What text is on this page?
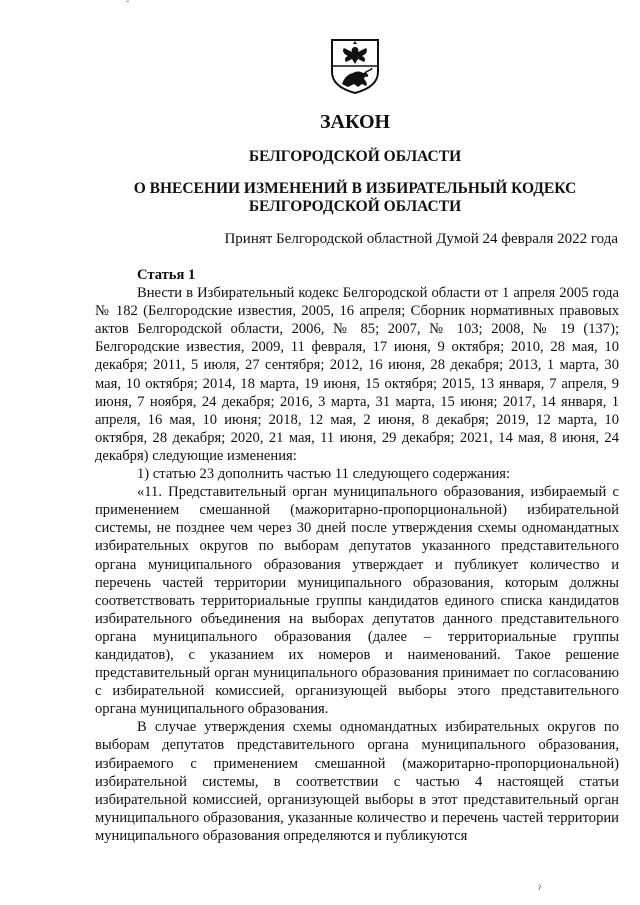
ˇ
ЗАКОН
БЕЛГОРОДСКОЙ ОБЛАСТИ
О ВНЕСЕНИИ ИЗМЕНЕНИЙ В ИЗБИРАТЕЛЬНЫЙ КОДЕКС
БЕЛГОРОДСКОЙ ОБЛАСТИ
Принят Белгородской областной Думой 24 февраля 2022 года

Статья 1

Внести в Избирательный кодекс Белгородской области от 1 апреля 2005 года № 182 (Белгородские известия, 2005, 16 апреля; Сборник нормативных правовых актов Белгородской области, 2006, № 85; 2007, № 103; 2008, № 19 (137); Белгородские известия, 2009, 11 февраля, 17 июня, 9 октября; 2010, 28 мая, 10 декабря; 2011, 5 июля, 27 сентября; 2012, 16 июня, 28 декабря; 2013, 1 марта, 30 мая, 10 октября; 2014, 18 марта, 19 июня, 15 октября; 2015, 13 января, 7 апреля, 9 июня, 7 ноября, 24 декабря; 2016, 3 марта, 31 марта, 15 июня; 2017, 14 января, 1 апреля, 16 мая, 10 июня; 2018, 12 мая, 2 июня, 8 декабря; 2019, 12 марта, 10 октября, 28 декабря; 2020, 21 мая, 11 июня, 29 декабря; 2021, 14 мая, 8 июня, 24 декабря) следующие изменения:

1) статью 23 дополнить частью 11 следующего содержания:

«11. Представительный орган муниципального образования, избираемый с применением смешанной (мажоритарно-пропорциональной) избирательной системы, не позднее чем через 30 дней после утверждения схемы одномандатных избирательных округов по выборам депутатов указанного представительного органа муниципального образования утверждает и публикует количество и перечень частей территории муниципального образования, которым должны соответствовать территориальные группы кандидатов единого списка кандидатов избирательного объединения на выборах депутатов данного представительного органа муниципального образования (далее – территориальные группы кандидатов), с указанием их номеров и наименований. Такое решение представительный орган муниципального образования принимает по согласованию с избирательной комиссией, организующей выборы этого представительного органа муниципального образования.

В случае утверждения схемы одномандатных избирательных округов по выборам депутатов представительного органа муниципального образования, избираемого с применением смешанной (мажоритарно-пропорциональной) избирательной системы, в соответствии с частью 4 настоящей статьи избирательной комиссией, организующей выборы в этот представительный орган муниципального образования, указанные количество и перечень частей территории муниципального образования определяются и публикуются

ˀ
